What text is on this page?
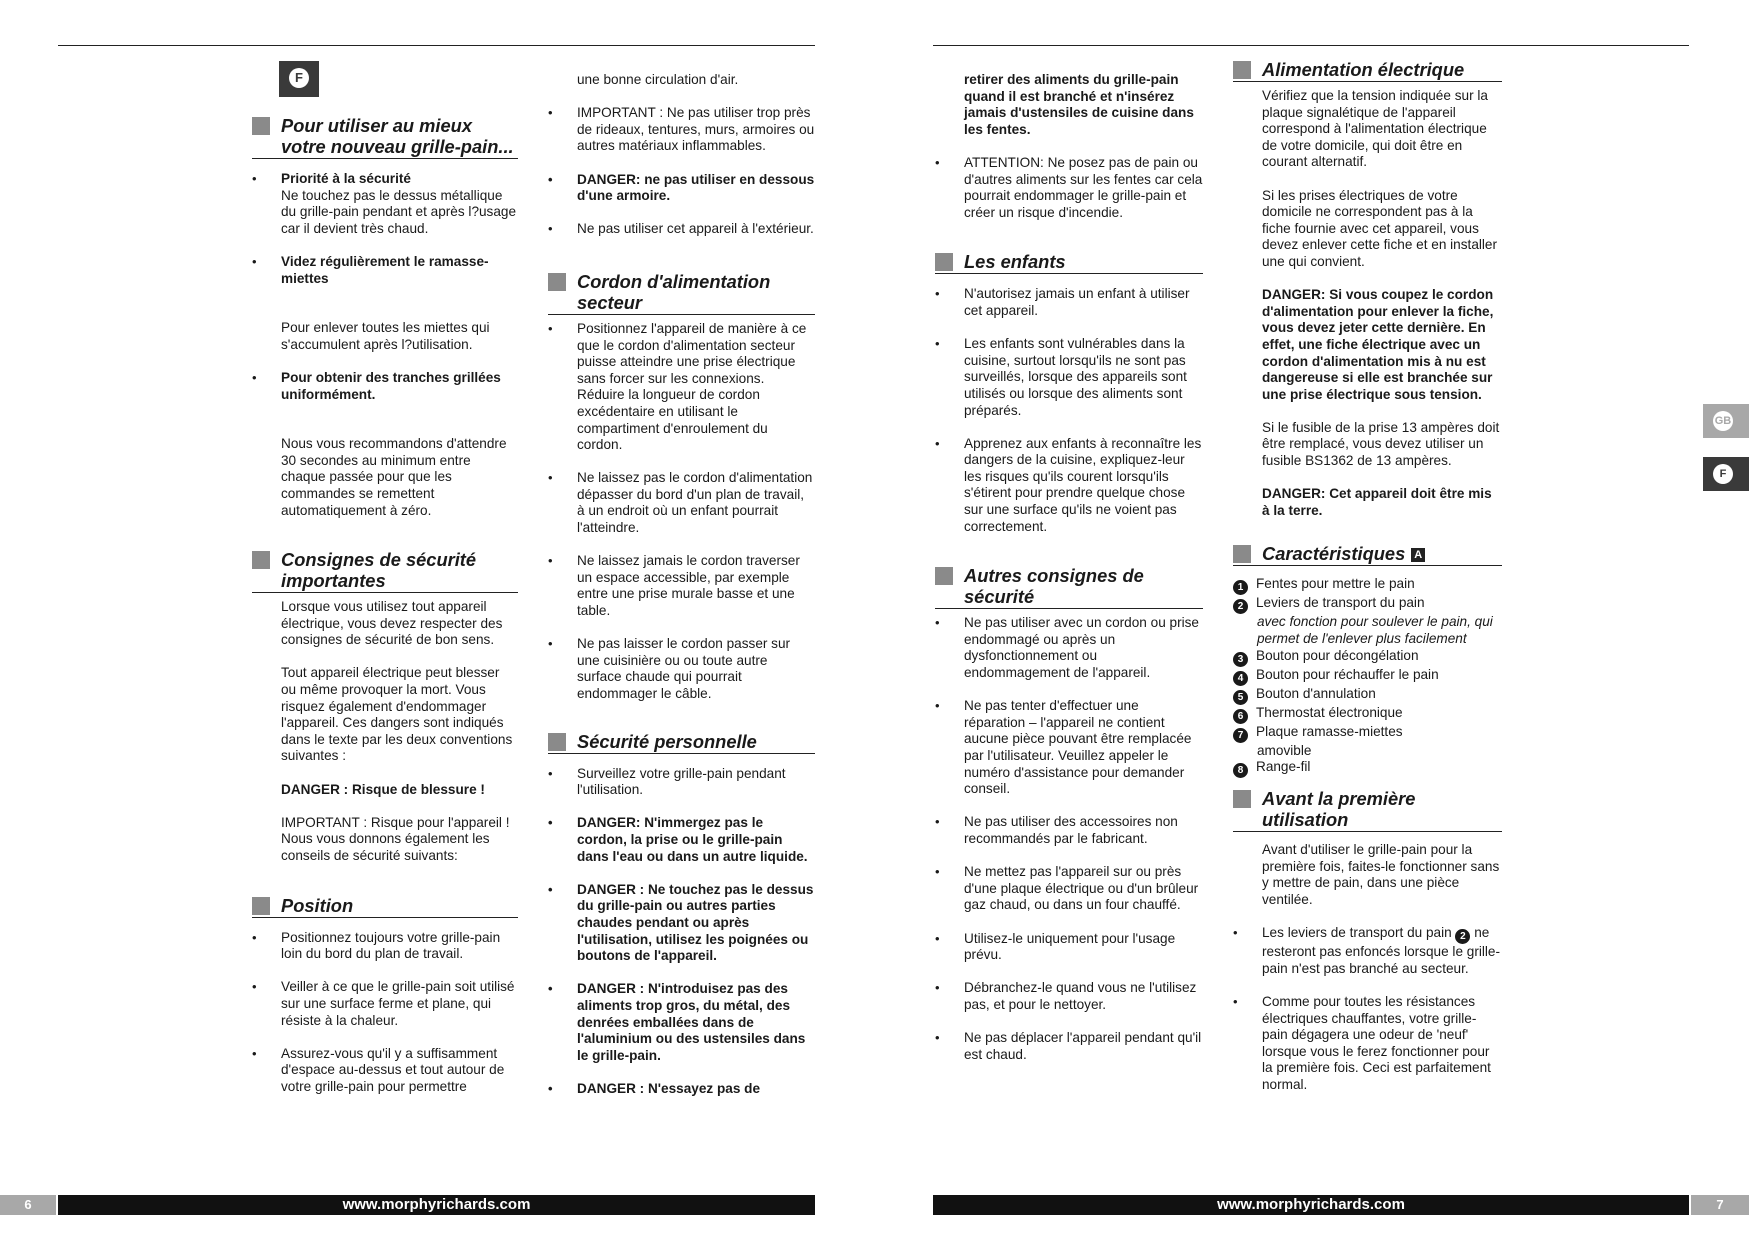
F
Pour utiliser au mieux votre nouveau grille-pain...
• Priorité à la sécurité
Ne touchez pas le dessus métallique du grille-pain pendant et après l?usage car il devient très chaud.
• Videz régulièrement le ramasse-miettes

Pour enlever toutes les miettes qui s'accumulent après l?utilisation.

• Pour obtenir des tranches grillées uniformément.

Nous vous recommandons d'attendre 30 secondes au minimum entre chaque passée pour que les commandes se remettent automatiquement à zéro.

Consignes de sécurité importantes

Lorsque vous utilisez tout appareil électrique, vous devez respecter des consignes de sécurité de bon sens.

Tout appareil électrique peut blesser ou même provoquer la mort. Vous risquez également d'endommager l'appareil. Ces dangers sont indiqués dans le texte par les deux conventions suivantes :

DANGER : Risque de blessure !

IMPORTANT : Risque pour l'appareil ! Nous vous donnons également les conseils de sécurité suivants:

Position
• Positionnez toujours votre grille-pain loin du bord du plan de travail.
• Veiller à ce que le grille-pain soit utilisé sur une surface ferme et plane, qui résiste à la chaleur.
• Assurez-vous qu'il y a suffisamment d'espace au-dessus et tout autour de votre grille-pain pour permettre

une bonne circulation d'air.

• IMPORTANT : Ne pas utiliser trop près de rideaux, tentures, murs, armoires ou autres matériaux inflammables.
• DANGER: ne pas utiliser en dessous d'une armoire.
• Ne pas utiliser cet appareil à l'extérieur.
Cordon d'alimentation secteur
• Positionnez l'appareil de manière à ce que le cordon d'alimentation secteur puisse atteindre une prise électrique sans forcer sur les connexions. Réduire la longueur de cordon excédentaire en utilisant le compartiment d'enroulement du cordon.
• Ne laissez pas le cordon d'alimentation dépasser du bord d'un plan de travail, à un endroit où un enfant pourrait l'atteindre.
• Ne laissez jamais le cordon traverser un espace accessible, par exemple entre une prise murale basse et une table.
• Ne pas laisser le cordon passer sur une cuisinière ou ou toute autre surface chaude qui pourrait endommager le câble.
Sécurité personnelle
• Surveillez votre grille-pain pendant l'utilisation.
• DANGER: N'immergez pas le cordon, la prise ou le grille-pain dans l'eau ou dans un autre liquide.
• DANGER : Ne touchez pas le dessus du grille-pain ou autres parties chaudes pendant ou après l'utilisation, utilisez les poignées ou boutons de l'appareil.
• DANGER : N'introduisez pas des aliments trop gros, du métal, des denrées emballées dans de l'aluminium ou des ustensiles dans le grille-pain.
• DANGER : N'essayez pas de

retirer des aliments du grille-pain quand il est branché et n'insérez jamais d'ustensiles de cuisine dans les fentes.

• ATTENTION: Ne posez pas de pain ou d'autres aliments sur les fentes car cela pourrait endommager le grille-pain et créer un risque d'incendie.
Les enfants
• N'autorisez jamais un enfant à utiliser cet appareil.
• Les enfants sont vulnérables dans la cuisine, surtout lorsqu'ils ne sont pas surveillés, lorsque des appareils sont utilisés ou lorsque des aliments sont préparés.
• Apprenez aux enfants à reconnaître les dangers de la cuisine, expliquez-leur les risques qu'ils courent lorsqu'ils s'étirent pour prendre quelque chose sur une surface qu'ils ne voient pas correctement.
Autres consignes de sécurité
• Ne pas utiliser avec un cordon ou prise endommagé ou après un dysfonctionnement ou endommagement de l'appareil.
• Ne pas tenter d'effectuer une réparation – l'appareil ne contient aucune pièce pouvant être remplacée par l'utilisateur. Veuillez appeler le numéro d'assistance pour demander conseil.
• Ne pas utiliser des accessoires non recommandés par le fabricant.
• Ne mettez pas l'appareil sur ou près d'une plaque électrique ou d'un brûleur gaz chaud, ou dans un four chauffé.
• Utilisez-le uniquement pour l'usage prévu.
• Débranchez-le quand vous ne l'utilisez pas, et pour le nettoyer.
• Ne pas déplacer l'appareil pendant qu'il est chaud.
Alimentation électrique

Vérifiez que la tension indiquée sur la plaque signalétique de l'appareil correspond à l'alimentation électrique de votre domicile, qui doit être en courant alternatif.

Si les prises électriques de votre domicile ne correspondent pas à la fiche fournie avec cet appareil, vous devez enlever cette fiche et en installer une qui convient.

DANGER: Si vous coupez le cordon d'alimentation pour enlever la fiche, vous devez jeter cette dernière. En effet, une fiche électrique avec un cordon d'alimentation mis à nu est dangereuse si elle est branchée sur une prise électrique sous tension.

Si le fusible de la prise 13 ampères doit être remplacé, vous devez utiliser un fusible BS1362 de 13 ampères.

DANGER: Cet appareil doit être mis à la terre.

Caractéristiques A
1 Fentes pour mettre le pain
2 Leviers de transport du pain
avec fonction pour soulever le pain, qui permet de l'enlever plus facilement
3 Bouton pour décongélation
4 Bouton pour réchauffer le pain
5 Bouton d'annulation
6 Thermostat électronique
7 Plaque ramasse-miettes
amovible
8 Range-fil
Avant la première utilisation

Avant d'utiliser le grille-pain pour la première fois, faites-le fonctionner sans y mettre de pain, dans une pièce ventilée.

• Les leviers de transport du pain 2 ne resteront pas enfoncés lorsque le grille-pain n'est pas branché au secteur.
• Comme pour toutes les résistances électriques chauffantes, votre grille-pain dégagera une odeur de 'neuf' lorsque vous le ferez fonctionner pour la première fois. Ceci est parfaitement normal.
GB
F
6	www.morphyrichards.com	www.morphyrichards.com	7
